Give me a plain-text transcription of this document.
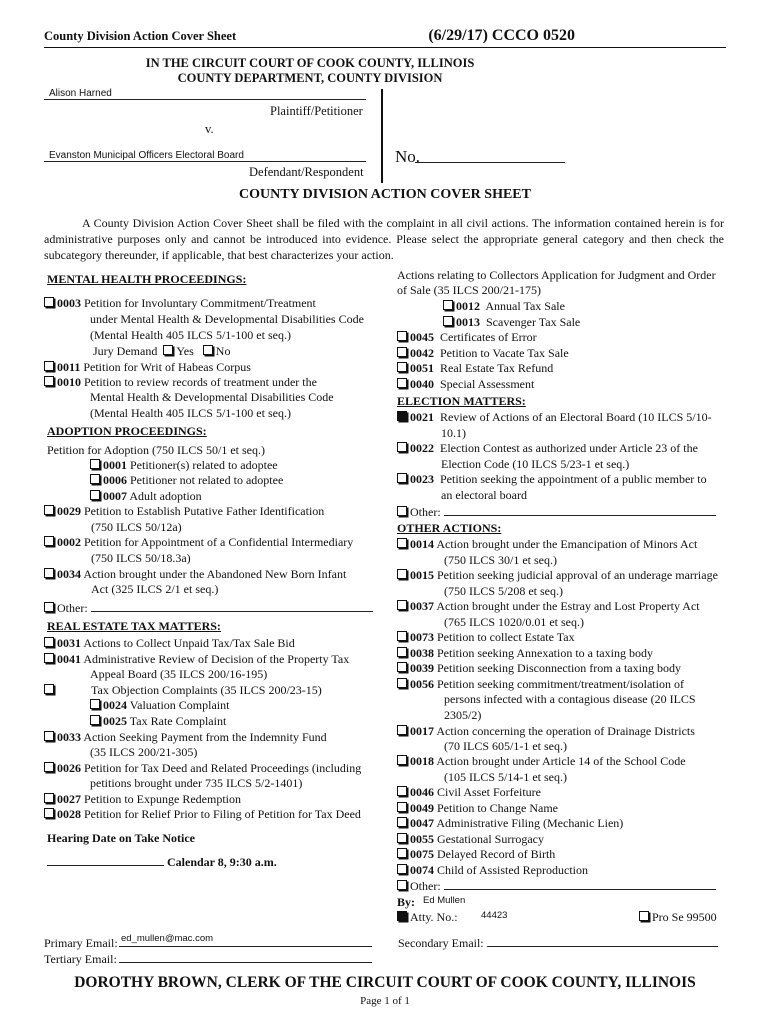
County Division Action Cover Sheet	(6/29/17) CCCO 0520
IN THE CIRCUIT COURT OF COOK COUNTY, ILLINOIS
COUNTY DEPARTMENT, COUNTY DIVISION
Alison Harned
Plaintiff/Petitioner
v.
Evanston Municipal Officers Electoral Board
Defendant/Respondent
No.
COUNTY DIVISION ACTION COVER SHEET
A County Division Action Cover Sheet shall be filed with the complaint in all civil actions. The information contained herein is for administrative purposes only and cannot be introduced into evidence. Please select the appropriate general category and then check the subcategory thereunder, if applicable, that best characterizes your action.
MENTAL HEALTH PROCEEDINGS:
0003 Petition for Involuntary Commitment/Treatment
under Mental Health & Developmental Disabilities Code
(Mental Health 405 ILCS 5/1-100 et seq.)
Jury Demand Yes No
0011 Petition for Writ of Habeas Corpus
0010 Petition to review records of treatment under the
Mental Health & Developmental Disabilities Code
(Mental Health 405 ILCS 5/1-100 et seq.)
ADOPTION PROCEEDINGS:
Petition for Adoption (750 ILCS 50/1 et seq.)
0001 Petitioner(s) related to adoptee
0006 Petitioner not related to adoptee
0007 Adult adoption
0029 Petition to Establish Putative Father Identification
(750 ILCS 50/12a)
0002 Petition for Appointment of a Confidential Intermediary
(750 ILCS 50/18.3a)
0034 Action brought under the Abandoned New Born Infant
Act (325 ILCS 2/1 et seq.)
Other:
REAL ESTATE TAX MATTERS:
0031 Actions to Collect Unpaid Tax/Tax Sale Bid
0041 Administrative Review of Decision of the Property Tax
Appeal Board (35 ILCS 200/16-195)
Tax Objection Complaints (35 ILCS 200/23-15)
0024 Valuation Complaint
0025 Tax Rate Complaint
0033 Action Seeking Payment from the Indemnity Fund
(35 ILCS 200/21-305)
0026 Petition for Tax Deed and Related Proceedings (including
petitions brought under 735 ILCS 5/2-1401)
0027 Petition to Expunge Redemption
0028 Petition for Relief Prior to Filing of Petition for Tax Deed
Hearing Date on Take Notice
Calendar 8, 9:30 a.m.
Actions relating to Collectors Application for Judgment and Order
of Sale (35 ILCS 200/21-175)
0012 Annual Tax Sale
0013 Scavenger Tax Sale
0045 Certificates of Error
0042 Petition to Vacate Tax Sale
0051 Real Estate Tax Refund
0040 Special Assessment
ELECTION MATTERS:
0021 Review of Actions of an Electoral Board (10 ILCS 5/10-
10.1)
0022 Election Contest as authorized under Article 23 of the
Election Code (10 ILCS 5/23-1 et seq.)
0023 Petition seeking the appointment of a public member to
an electoral board
Other:
OTHER ACTIONS:
0014 Action brought under the Emancipation of Minors Act
(750 ILCS 30/1 et seq.)
0015 Petition seeking judicial approval of an underage marriage
(750 ILCS 5/208 et seq.)
0037 Action brought under the Estray and Lost Property Act
(765 ILCS 1020/0.01 et seq.)
0073 Petition to collect Estate Tax
0038 Petition seeking Annexation to a taxing body
0039 Petition seeking Disconnection from a taxing body
0056 Petition seeking commitment/treatment/isolation of
persons infected with a contagious disease (20 ILCS
2305/2)
0017 Action concerning the operation of Drainage Districts
(70 ILCS 605/1-1 et seq.)
0018 Action brought under Article 14 of the School Code
(105 ILCS 5/14-1 et seq.)
0046 Civil Asset Forfeiture
0049 Petition to Change Name
0047 Administrative Filing (Mechanic Lien)
0055 Gestational Surrogacy
0075 Delayed Record of Birth
0074 Child of Assisted Reproduction
Other:
By: Ed Mullen
Atty. No.: 44423	Pro Se 99500
Primary Email: ed_mullen@mac.com	Secondary Email:
Tertiary Email:
DOROTHY BROWN, CLERK OF THE CIRCUIT COURT OF COOK COUNTY, ILLINOIS
Page 1 of 1
